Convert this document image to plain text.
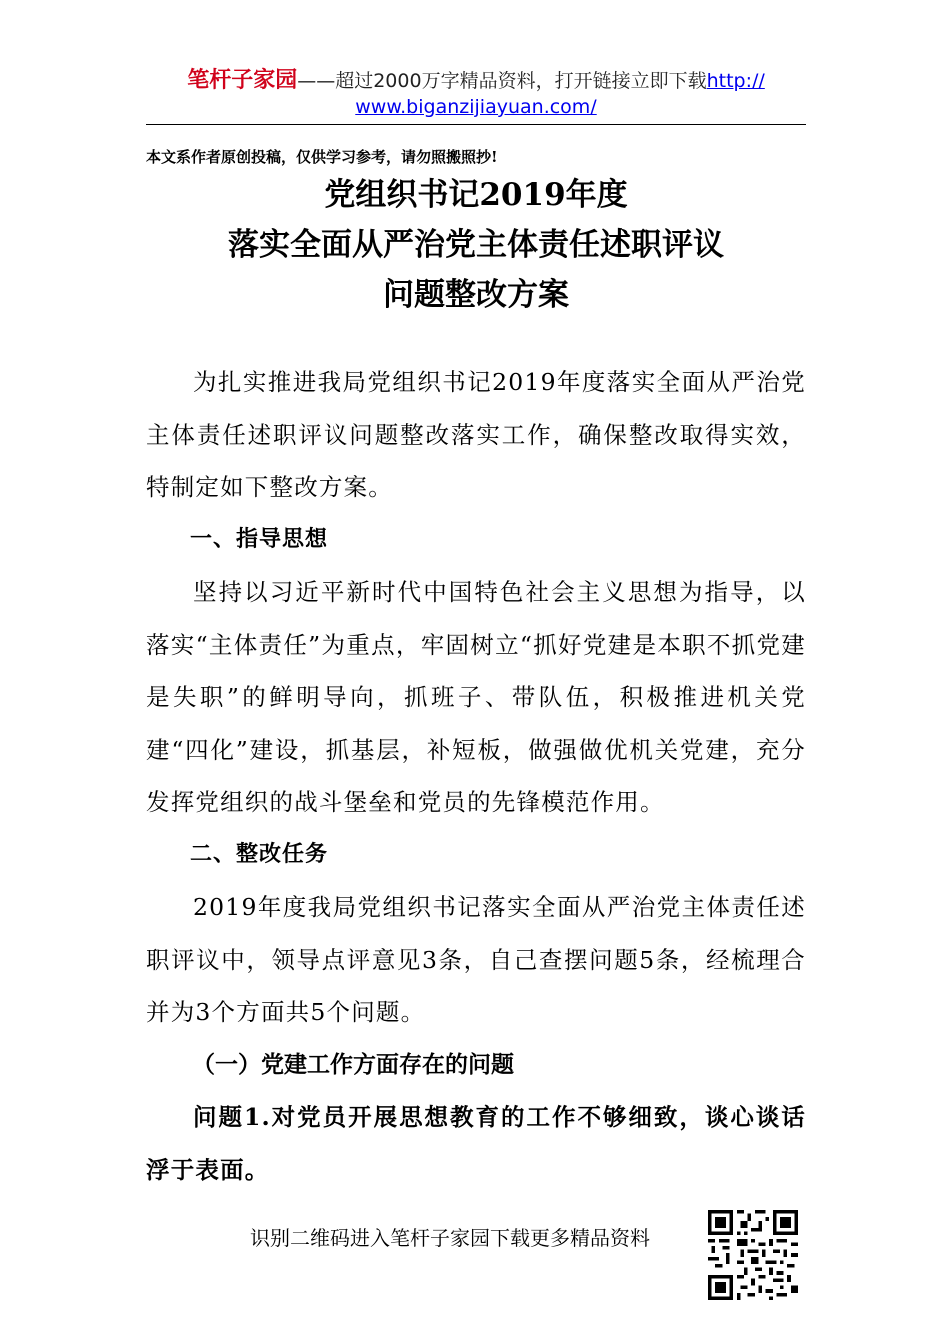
笔杆子家园——超过2000万字精品资料，打开链接立即下载http://
www.biganzijiayuan.com/
本文系作者原创投稿，仅供学习参考，请勿照搬照抄!
党组织书记2019年度
落实全面从严治党主体责任述职评议
问题整改方案

为扎实推进我局党组织书记2019年度落实全面从严治党主体责任述职评议问题整改落实工作，确保整改取得实效，特制定如下整改方案。

一、指导思想

坚持以习近平新时代中国特色社会主义思想为指导，以落实“主体责任”为重点，牢固树立“抓好党建是本职不抓党建是失职”的鲜明导向，抓班子、带队伍，积极推进机关党建“四化”建设，抓基层，补短板，做强做优机关党建，充分发挥党组织的战斗堡垒和党员的先锋模范作用。

二、整改任务

2019年度我局党组织书记落实全面从严治党主体责任述职评议中，领导点评意见3条，自己查摆问题5条，经梳理合并为3个方面共5个问题。

（一）党建工作方面存在的问题

问题1.对党员开展思想教育的工作不够细致，谈心谈话浮于表面。

识别二维码进入笔杆子家园下载更多精品资料
